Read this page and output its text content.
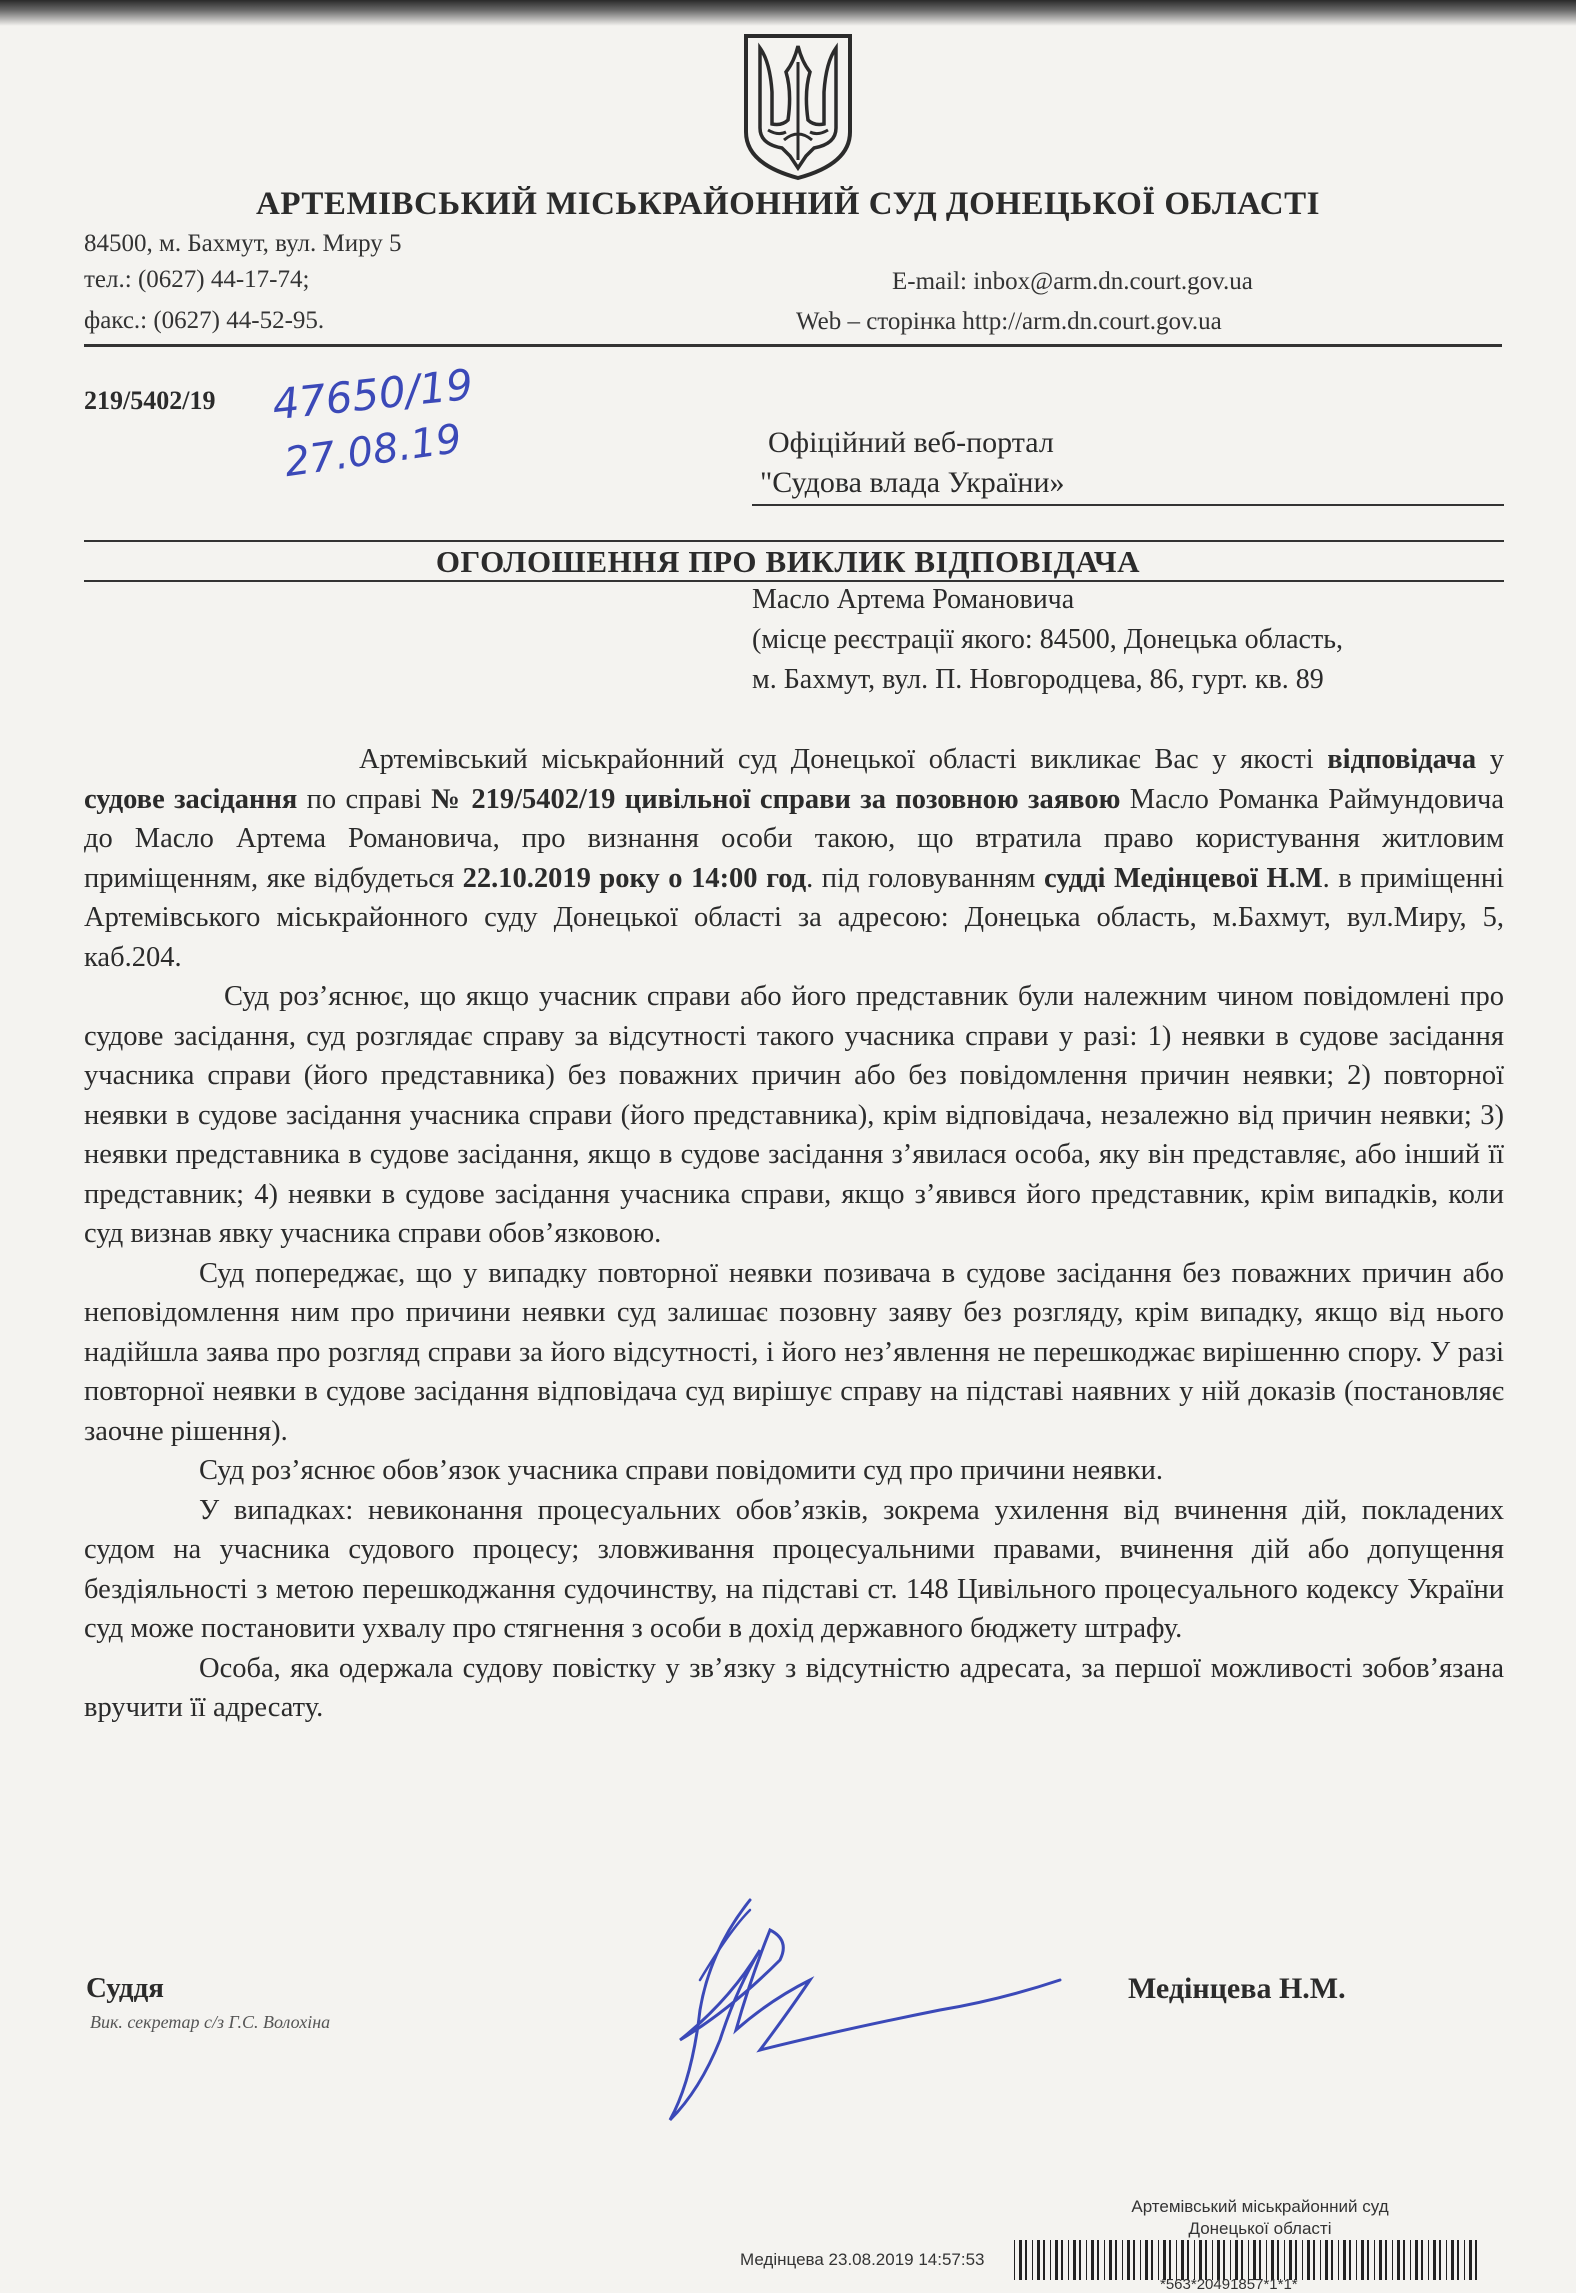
АРТЕМІВСЬКИЙ МІСЬКРАЙОННИЙ СУД ДОНЕЦЬКОЇ ОБЛАСТІ
84500, м. Бахмут, вул. Миру 5
тел.: (0627) 44-17-74;
факс.: (0627) 44-52-95.
E-mail: inbox@arm.dn.court.gov.ua
Web – сторінка http://arm.dn.court.gov.ua
219/5402/19 47650/19
27.08.19	Офіційний веб-портал
"Судова влада України»
ОГОЛОШЕННЯ ПРО ВИКЛИК ВІДПОВІДАЧА
Масло Артема Романовича
(місце реєстрації якого: 84500, Донецька область,
м. Бахмут, вул. П. Новгородцева, 86, гурт. кв. 89

Артемівський міськрайонний суд Донецької області викликає Вас у якості відповідача у судове засідання по справі № 219/5402/19 цивільної справи за позовною заявою Масло Романка Раймундовича до Масло Артема Романовича, про визнання особи такою, що втратила право користування житловим приміщенням, яке відбудеться 22.10.2019 року о 14:00 год. під головуванням судді Медінцевої Н.М. в приміщенні Артемівського міськрайонного суду Донецької області за адресою: Донецька область, м.Бахмут, вул.Миру, 5, каб.204.

Суд роз’яснює, що якщо учасник справи або його представник були належним чином повідомлені про судове засідання, суд розглядає справу за відсутності такого учасника справи у разі: 1) неявки в судове засідання учасника справи (його представника) без поважних причин або без повідомлення причин неявки; 2) повторної неявки в судове засідання учасника справи (його представника), крім відповідача, незалежно від причин неявки; 3) неявки представника в судове засідання, якщо в судове засідання з’явилася особа, яку він представляє, або інший її представник; 4) неявки в судове засідання учасника справи, якщо з’явився його представник, крім випадків, коли суд визнав явку учасника справи обов’язковою.

Суд попереджає, що у випадку повторної неявки позивача в судове засідання без поважних причин або неповідомлення ним про причини неявки суд залишає позовну заяву без розгляду, крім випадку, якщо від нього надійшла заява про розгляд справи за його відсутності, і його нез’явлення не перешкоджає вирішенню спору. У разі повторної неявки в судове засідання відповідача суд вирішує справу на підставі наявних у ній доказів (постановляє заочне рішення).

Суд роз’яснює обов’язок учасника справи повідомити суд про причини неявки.

У випадках: невиконання процесуальних обов’язків, зокрема ухилення від вчинення дій, покладених судом на учасника судового процесу; зловживання процесуальними правами, вчинення дій або допущення бездіяльності з метою перешкоджання судочинству, на підставі ст. 148 Цивільного процесуального кодексу України суд може постановити ухвалу про стягнення з особи в дохід державного бюджету штрафу.

Особа, яка одержала судову повістку у зв’язку з відсутністю адресата, за першої можливості зобов’язана вручити її адресату.

Суддя
Вик. секретар с/з Г.С. Волохіна
Медінцева Н.М.
Артемівський міськрайонний суд
Донецької області
Медінцева 23.08.2019 14:57:53
*563*20491857*1*1*
